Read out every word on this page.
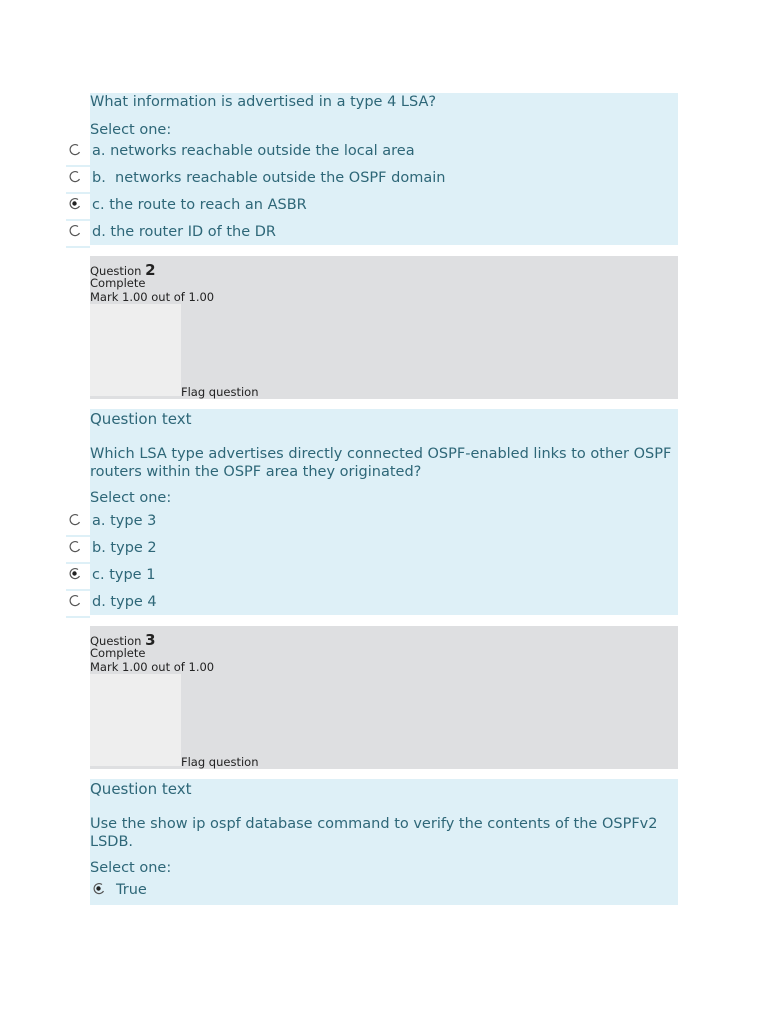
What information is advertised in a type 4 LSA?
Select one:
a. networks reachable outside the local area
b.  networks reachable outside the OSPF domain
c. the route to reach an ASBR
d. the router ID of the DR
Question 2
Complete
Mark 1.00 out of 1.00
Flag question
Question text
Which LSA type advertises directly connected OSPF-enabled links to other OSPF routers within the OSPF area they originated?
Select one:
a. type 3
b. type 2
c. type 1
d. type 4
Question 3
Complete
Mark 1.00 out of 1.00
Flag question
Question text
Use the show ip ospf database command to verify the contents of the OSPFv2 LSDB.
Select one:
True
